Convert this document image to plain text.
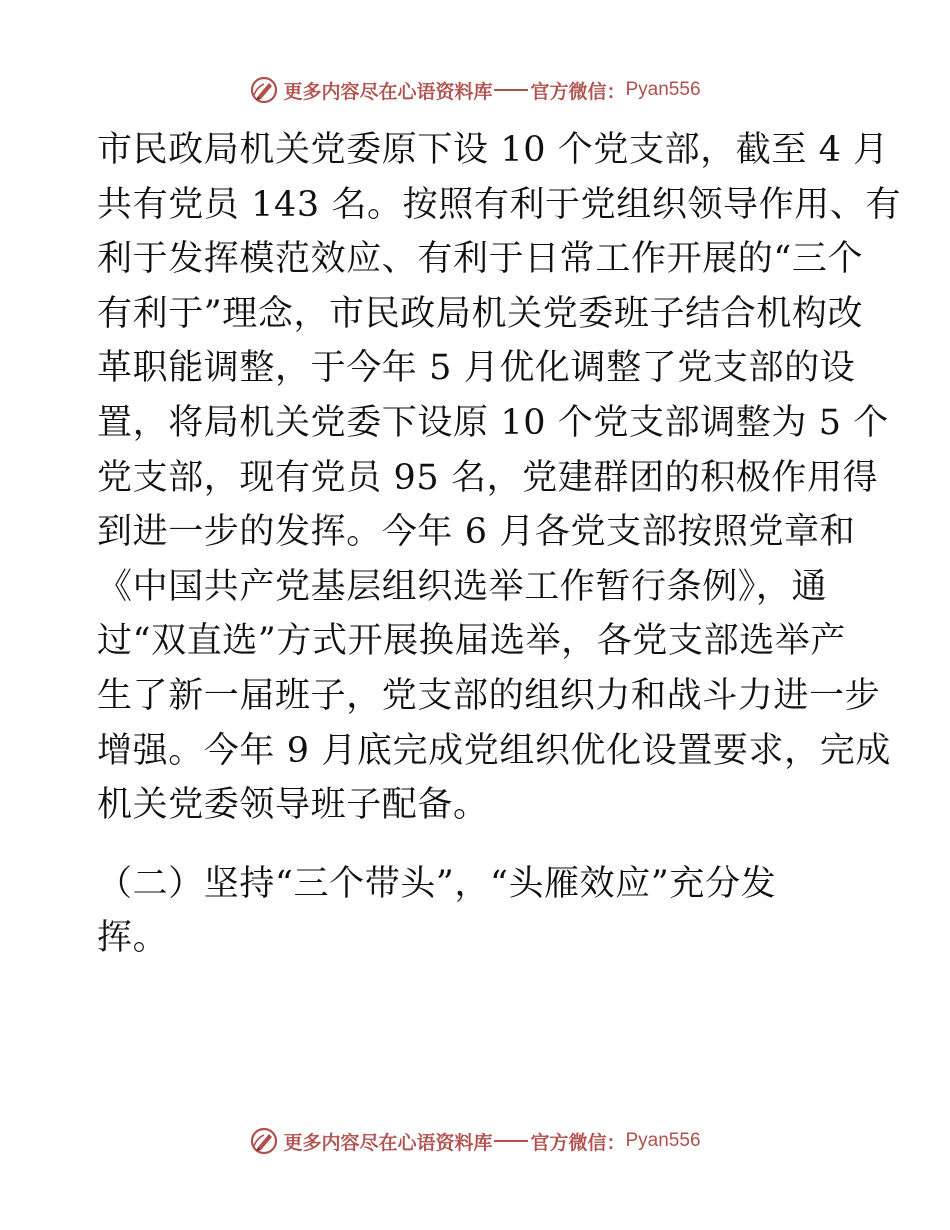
更多内容尽在心语资料库 官方微信： Pyan556
市民政局机关党委原下设 10 个党支部，截至 4 月
共有党员 143 名。按照有利于党组织领导作用、有
利于发挥模范效应、有利于日常工作开展的“三个
有利于”理念，市民政局机关党委班子结合机构改
革职能调整，于今年 5 月优化调整了党支部的设
置，将局机关党委下设原 10 个党支部调整为 5 个
党支部，现有党员 95 名，党建群团的积极作用得
到进一步的发挥。今年 6 月各党支部按照党章和
《中国共产党基层组织选举工作暂行条例》，通
过“双直选”方式开展换届选举，各党支部选举产
生了新一届班子，党支部的组织力和战斗力进一步
增强。今年 9 月底完成党组织优化设置要求，完成
机关党委领导班子配备。
（二）坚持“三个带头”，“头雁效应”充分发
挥。
更多内容尽在心语资料库 官方微信： Pyan556
